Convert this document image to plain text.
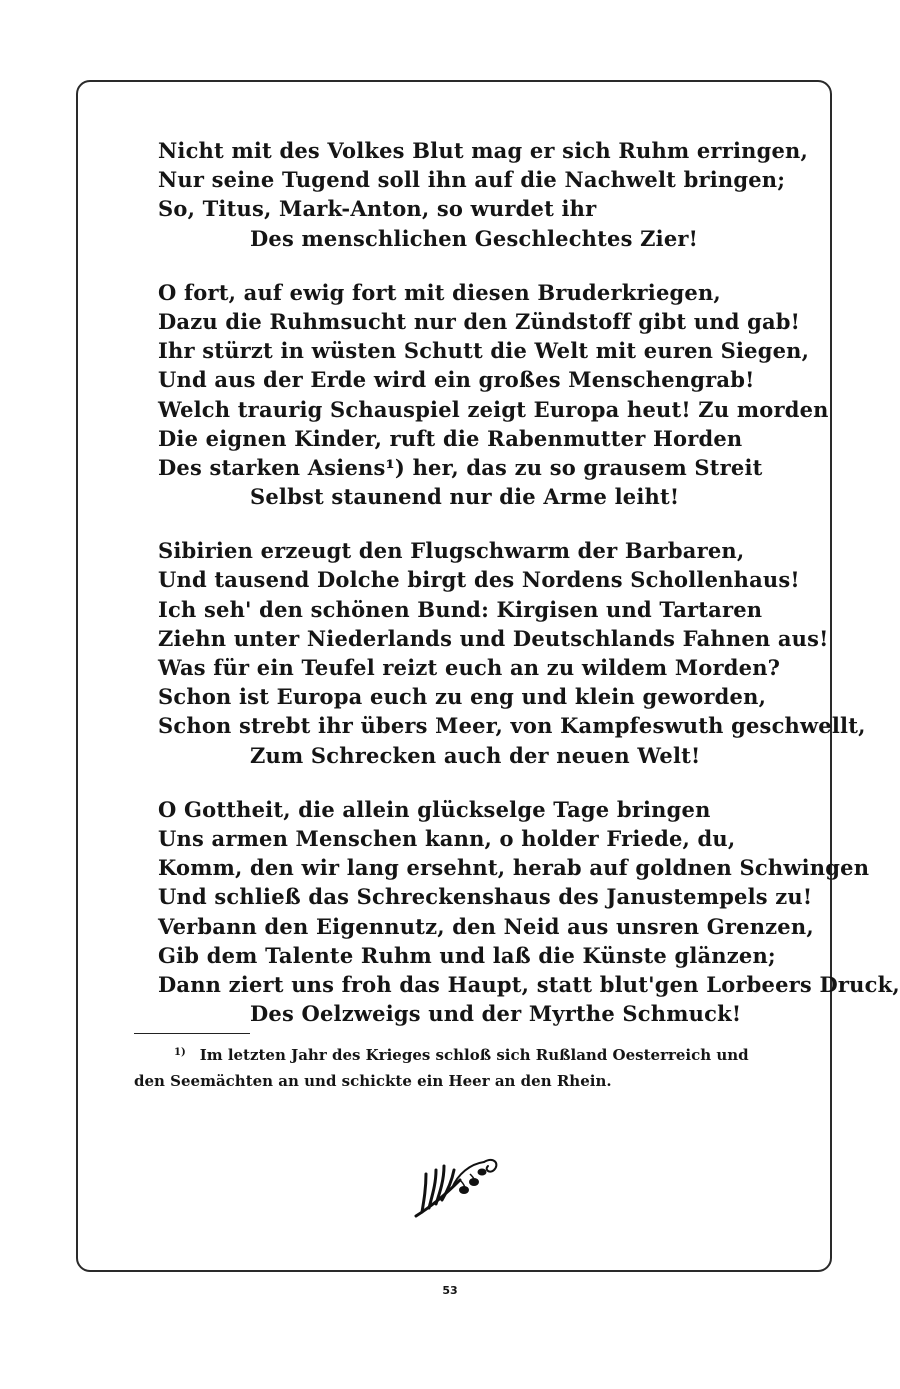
Nicht mit des Volkes Blut mag er sich Ruhm erringen,
Nur seine Tugend soll ihn auf die Nachwelt bringen;
So, Titus, Mark-Anton, so wurdet ihr
Des menschlichen Geschlechtes Zier!
O fort, auf ewig fort mit diesen Bruderkriegen,
Dazu die Ruhmsucht nur den Zündstoff gibt und gab!
Ihr stürzt in wüsten Schutt die Welt mit euren Siegen,
Und aus der Erde wird ein großes Menschengrab!
Welch traurig Schauspiel zeigt Europa heut! Zu morden
Die eignen Kinder, ruft die Rabenmutter Horden
Des starken Asiens¹) her, das zu so grausem Streit
Selbst staunend nur die Arme leiht!
Sibirien erzeugt den Flugschwarm der Barbaren,
Und tausend Dolche birgt des Nordens Schollenhaus!
Ich seh' den schönen Bund: Kirgisen und Tartaren
Ziehn unter Niederlands und Deutschlands Fahnen aus!
Was für ein Teufel reizt euch an zu wildem Morden?
Schon ist Europa euch zu eng und klein geworden,
Schon strebt ihr übers Meer, von Kampfeswuth geschwellt,
Zum Schrecken auch der neuen Welt!
O Gottheit, die allein glückselge Tage bringen
Uns armen Menschen kann, o holder Friede, du,
Komm, den wir lang ersehnt, herab auf goldnen Schwingen
Und schließ das Schreckenshaus des Janustempels zu!
Verbann den Eigennutz, den Neid aus unsren Grenzen,
Gib dem Talente Ruhm und laß die Künste glänzen;
Dann ziert uns froh das Haupt, statt blut'gen Lorbeers Druck,
Des Oelzweigs und der Myrthe Schmuck!
$^{1)}$ Im letzten Jahr des Krieges schloß sich Rußland Oesterreich und
den Seemächten an und schickte ein Heer an den Rhein.
53
